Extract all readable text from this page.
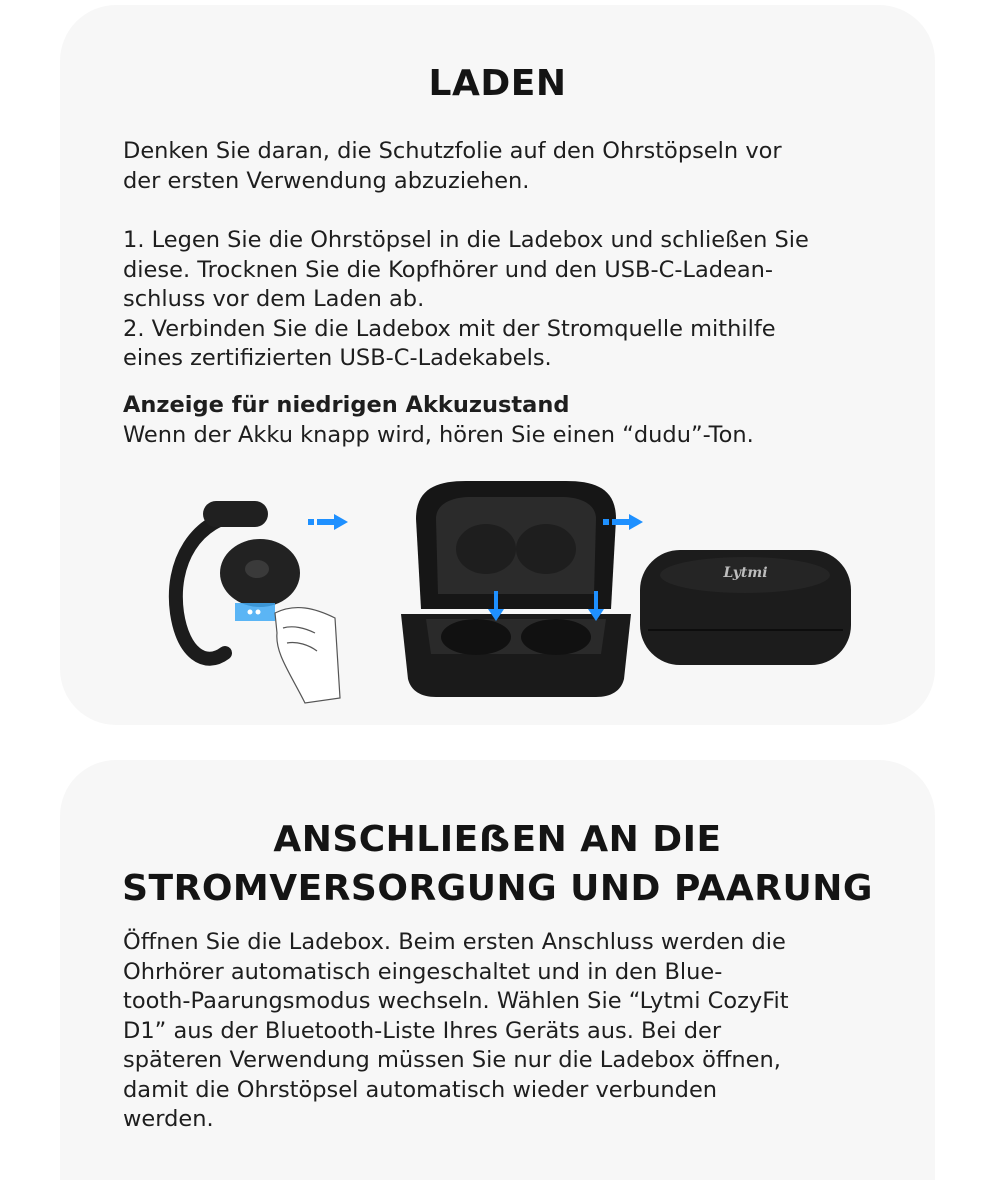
LADEN

Denken Sie daran, die Schutzfolie auf den Ohrstöpseln vor
der ersten Verwendung abzuziehen.

1. Legen Sie die Ohrstöpsel in die Ladebox und schließen Sie
diese. Trocknen Sie die Kopfhörer und den USB-C-Ladean-
schluss vor dem Laden ab.
2. Verbinden Sie die Ladebox mit der Stromquelle mithilfe
eines zertifizierten USB-C-Ladekabels.

Anzeige für niedrigen Akkuzustand
Wenn der Akku knapp wird, hören Sie einen “dudu”-Ton.

Lytmi
ANSCHLIEẞEN AN DIE
STROMVERSORGUNG UND PAARUNG

Öffnen Sie die Ladebox. Beim ersten Anschluss werden die
Ohrhörer automatisch eingeschaltet und in den Blue-
tooth-Paarungsmodus wechseln. Wählen Sie “Lytmi CozyFit
D1” aus der Bluetooth-Liste Ihres Geräts aus. Bei der
späteren Verwendung müssen Sie nur die Ladebox öffnen,
damit die Ohrstöpsel automatisch wieder verbunden
werden.
